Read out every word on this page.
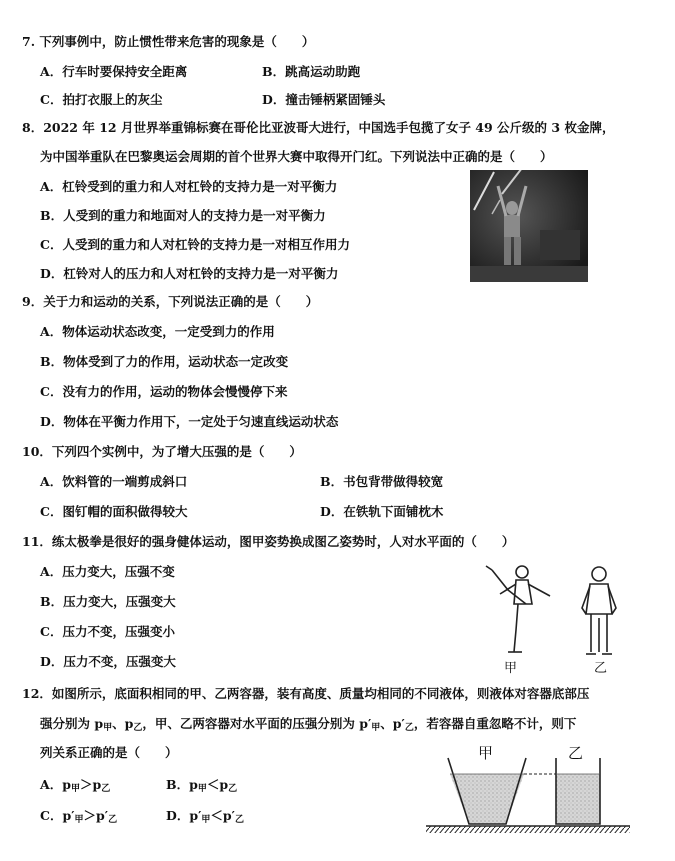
7. 下列事例中，防止惯性带来危害的现象是（　　）
A．行车时要保持安全距离	B．跳高运动助跑
C．拍打衣服上的灰尘	D．撞击锤柄紧固锤头
8．2022 年 12 月世界举重锦标赛在哥伦比亚波哥大进行，中国选手包揽了女子 49 公斤级的 3 枚金牌，
为中国举重队在巴黎奥运会周期的首个世界大赛中取得开门红。下列说法中正确的是（　　）
A．杠铃受到的重力和人对杠铃的支持力是一对平衡力
B．人受到的重力和地面对人的支持力是一对平衡力
C．人受到的重力和人对杠铃的支持力是一对相互作用力
D．杠铃对人的压力和人对杠铃的支持力是一对平衡力
9．关于力和运动的关系，下列说法正确的是（　　）
A．物体运动状态改变，一定受到力的作用
B．物体受到了力的作用，运动状态一定改变
C．没有力的作用，运动的物体会慢慢停下来
D．物体在平衡力作用下，一定处于匀速直线运动状态
10．下列四个实例中，为了增大压强的是（　　）
A．饮料管的一端剪成斜口	B．书包背带做得较宽
C．图钉帽的面积做得较大	D．在铁轨下面铺枕木
11．练太极拳是很好的强身健体运动，图甲姿势换成图乙姿势时，人对水平面的（　　）
A．压力变大，压强不变
B．压力变大，压强变大
C．压力不变，压强变小
D．压力不变，压强变大	甲	乙
12．如图所示，底面积相同的甲、乙两容器，装有高度、质量均相同的不同液体，则液体对容器底部压
强分别为 $p_甲$、$p_乙$，甲、乙两容器对水平面的压强分别为 $p'_甲$、$p'_乙$，若容器自重忽略不计，则下
列关系正确的是（　　）
A．$p_甲>p_乙$	B．$p_甲<p_乙$
C．$p'_甲>p'_乙$	D．$p'_甲<p'_乙$
甲	乙
